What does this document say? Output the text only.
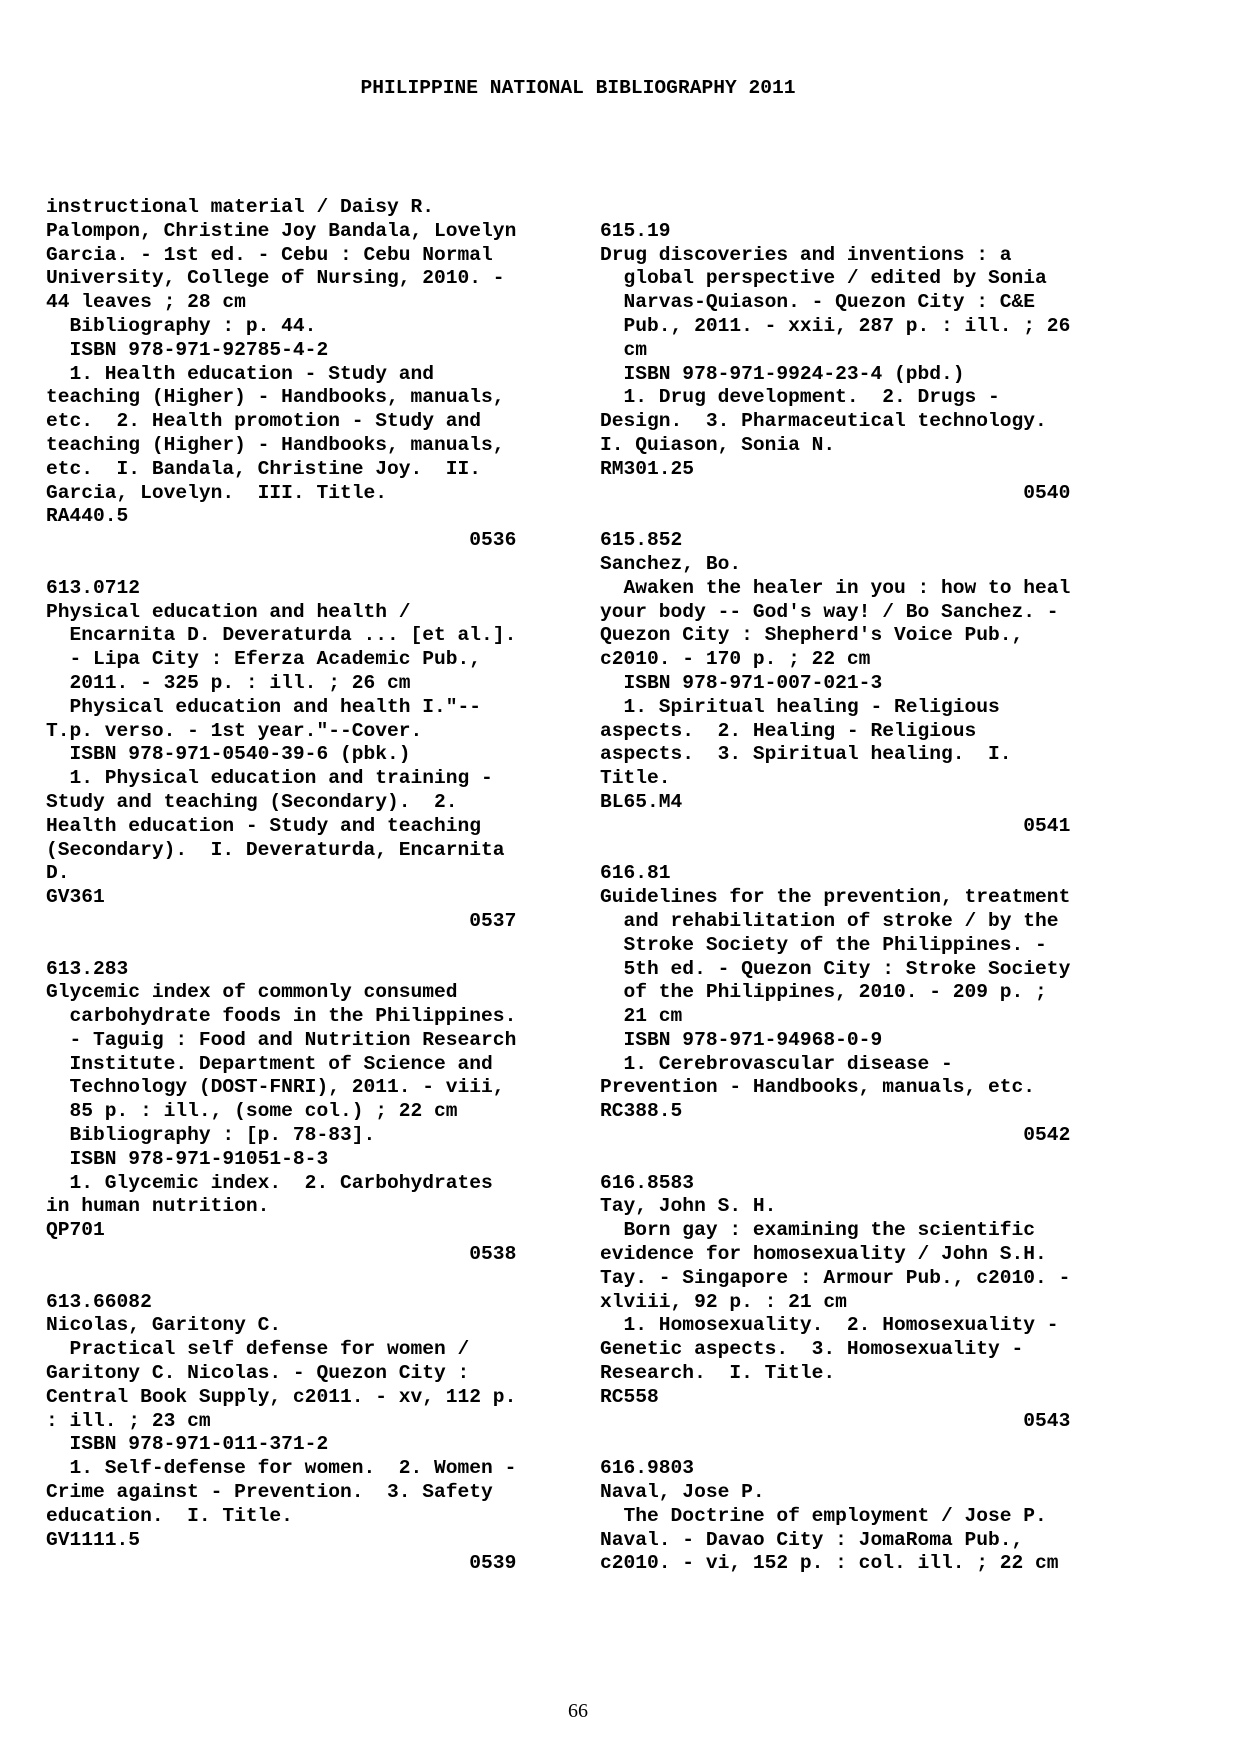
PHILIPPINE NATIONAL BIBLIOGRAPHY 2011
instructional material / Daisy R.
Palompon, Christine Joy Bandala, Lovelyn
Garcia. - 1st ed. - Cebu : Cebu Normal
University, College of Nursing, 2010. -
44 leaves ; 28 cm
Bibliography : p. 44.
ISBN 978-971-92785-4-2
1. Health education - Study and
teaching (Higher) - Handbooks, manuals,
etc.  2. Health promotion - Study and
teaching (Higher) - Handbooks, manuals,
etc.  I. Bandala, Christine Joy.  II.
Garcia, Lovelyn.  III. Title.
RA440.5
0536
613.0712
Physical education and health /
Encarnita D. Deveraturda ... [et al.].
- Lipa City : Eferza Academic Pub.,
2011. - 325 p. : ill. ; 26 cm
Physical education and health I."--
T.p. verso. - 1st year."--Cover.
ISBN 978-971-0540-39-6 (pbk.)
1. Physical education and training -
Study and teaching (Secondary).  2.
Health education - Study and teaching
(Secondary).  I. Deveraturda, Encarnita
D.
GV361
0537
613.283
Glycemic index of commonly consumed
carbohydrate foods in the Philippines.
- Taguig : Food and Nutrition Research
Institute. Department of Science and
Technology (DOST-FNRI), 2011. - viii,
85 p. : ill., (some col.) ; 22 cm
Bibliography : [p. 78-83].
ISBN 978-971-91051-8-3
1. Glycemic index.  2. Carbohydrates
in human nutrition.
QP701
0538
613.66082
Nicolas, Garitony C.
Practical self defense for women /
Garitony C. Nicolas. - Quezon City :
Central Book Supply, c2011. - xv, 112 p.
: ill. ; 23 cm
ISBN 978-971-011-371-2
1. Self-defense for women.  2. Women -
Crime against - Prevention.  3. Safety
education.  I. Title.
GV1111.5
0539
615.19
Drug discoveries and inventions : a
global perspective / edited by Sonia
Narvas-Quiason. - Quezon City : C&E
Pub., 2011. - xxii, 287 p. : ill. ; 26
cm
ISBN 978-971-9924-23-4 (pbd.)
1. Drug development.  2. Drugs -
Design.  3. Pharmaceutical technology.
I. Quiason, Sonia N.
RM301.25
0540
615.852
Sanchez, Bo.
Awaken the healer in you : how to heal
your body -- God's way! / Bo Sanchez. -
Quezon City : Shepherd's Voice Pub.,
c2010. - 170 p. ; 22 cm
ISBN 978-971-007-021-3
1. Spiritual healing - Religious
aspects.  2. Healing - Religious
aspects.  3. Spiritual healing.  I.
Title.
BL65.M4
0541
616.81
Guidelines for the prevention, treatment
and rehabilitation of stroke / by the
Stroke Society of the Philippines. -
5th ed. - Quezon City : Stroke Society
of the Philippines, 2010. - 209 p. ;
21 cm
ISBN 978-971-94968-0-9
1. Cerebrovascular disease -
Prevention - Handbooks, manuals, etc.
RC388.5
0542
616.8583
Tay, John S. H.
Born gay : examining the scientific
evidence for homosexuality / John S.H.
Tay. - Singapore : Armour Pub., c2010. -
xlviii, 92 p. : 21 cm
1. Homosexuality.  2. Homosexuality -
Genetic aspects.  3. Homosexuality -
Research.  I. Title.
RC558
0543
616.9803
Naval, Jose P.
The Doctrine of employment / Jose P.
Naval. - Davao City : JomaRoma Pub.,
c2010. - vi, 152 p. : col. ill. ; 22 cm
66
